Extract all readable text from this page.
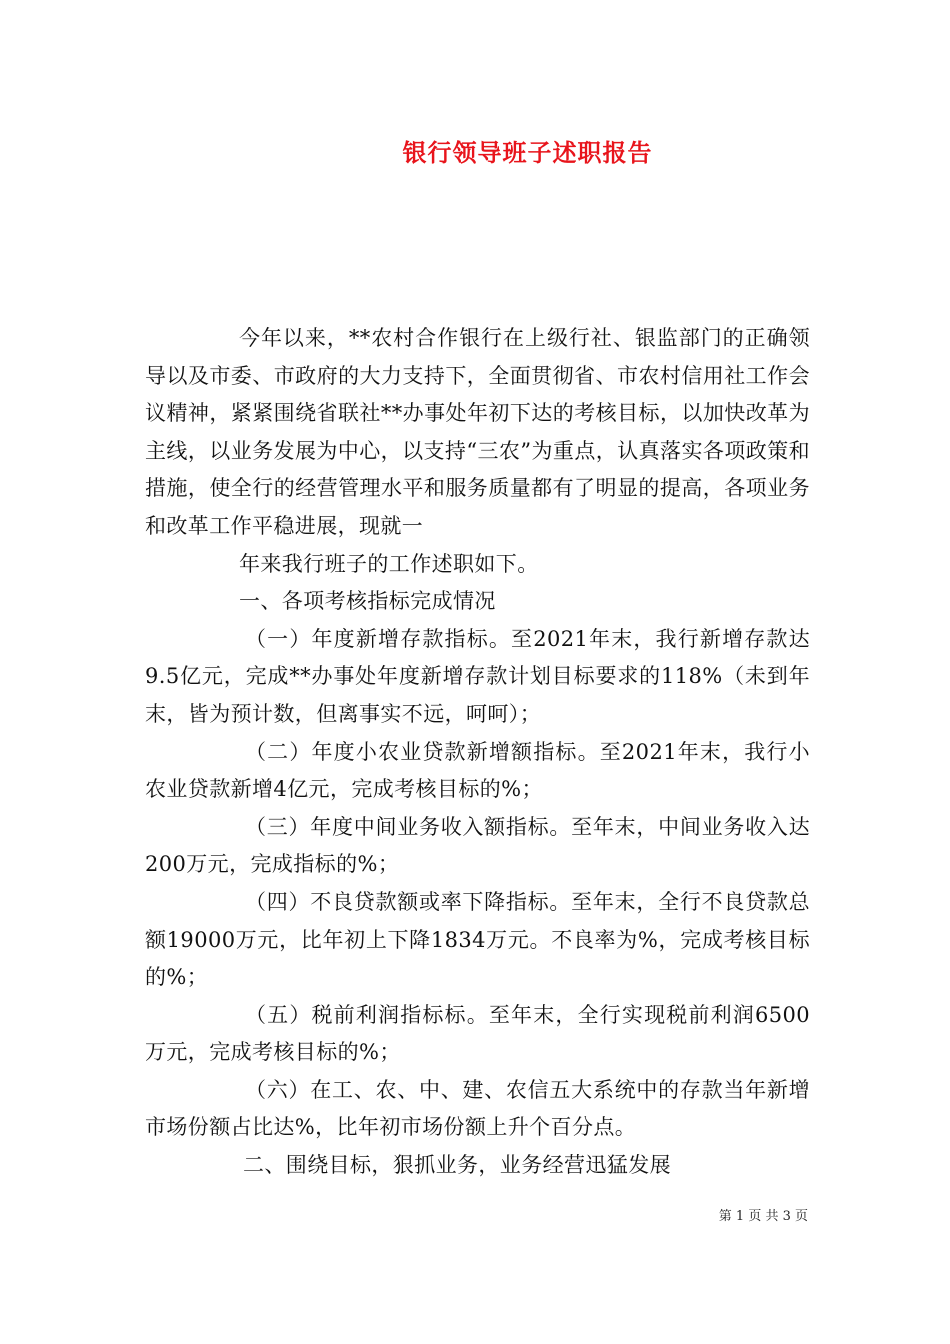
银行领导班子述职报告

今年以来，**农村合作银行在上级行社、银监部门的正确领导以及市委、市政府的大力支持下，全面贯彻省、市农村信用社工作会议精神，紧紧围绕省联社**办事处年初下达的考核目标，以加快改革为主线，以业务发展为中心，以支持“三农”为重点，认真落实各项政策和措施，使全行的经营管理水平和服务质量都有了明显的提高，各项业务和改革工作平稳进展，现就一

年来我行班子的工作述职如下。

一、各项考核指标完成情况

（一）年度新增存款指标。至2021年末，我行新增存款达9.5亿元，完成**办事处年度新增存款计划目标要求的118%（未到年末，皆为预计数，但离事实不远，呵呵）；

（二）年度小农业贷款新增额指标。至2021年末，我行小农业贷款新增4亿元，完成考核目标的%；

（三）年度中间业务收入额指标。至年末，中间业务收入达200万元，完成指标的%；

（四）不良贷款额或率下降指标。至年末，全行不良贷款总额19000万元，比年初上下降1834万元。不良率为%，完成考核目标的%；

（五）税前利润指标标。至年末，全行实现税前利润6500万元，完成考核目标的%；

（六）在工、农、中、建、农信五大系统中的存款当年新增市场份额占比达%，比年初市场份额上升个百分点。

二、围绕目标，狠抓业务，业务经营迅猛发展

第 1 页 共 3 页
